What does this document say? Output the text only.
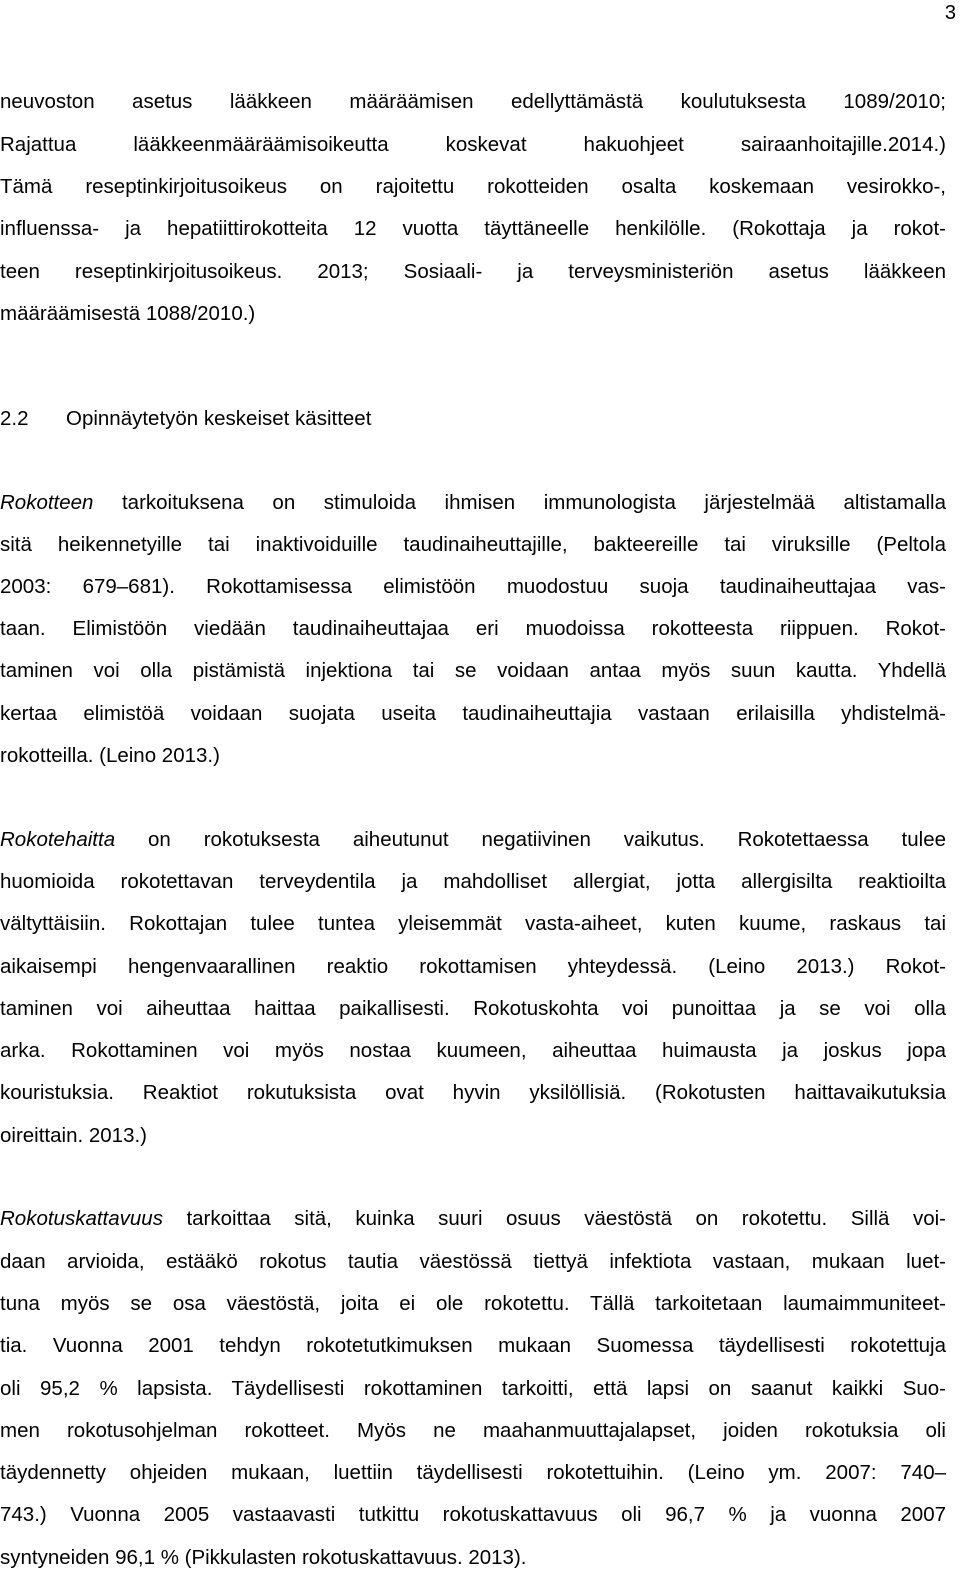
3
neuvoston asetus lääkkeen määräämisen edellyttämästä koulutuksesta 1089/2010;
Rajattua lääkkeenmääräämisoikeutta koskevat hakuohjeet sairaanhoitajille.2014.)
Tämä reseptinkirjoitusoikeus on rajoitettu rokotteiden osalta koskemaan vesirokko-,
influenssa- ja hepatiittirokotteita 12 vuotta täyttäneelle henkilölle. (Rokottaja ja rokot-
teen reseptinkirjoitusoikeus. 2013; Sosiaali- ja terveysministeriön asetus lääkkeen
määräämisestä 1088/2010.)
2.2 Opinnäytetyön keskeiset käsitteet
Rokotteen tarkoituksena on stimuloida ihmisen immunologista järjestelmää altistamalla
sitä heikennetyille tai inaktivoiduille taudinaiheuttajille, bakteereille tai viruksille (Peltola
2003: 679–681). Rokottamisessa elimistöön muodostuu suoja taudinaiheuttajaa vas-
taan. Elimistöön viedään taudinaiheuttajaa eri muodoissa rokotteesta riippuen. Rokot-
taminen voi olla pistämistä injektiona tai se voidaan antaa myös suun kautta. Yhdellä
kertaa elimistöä voidaan suojata useita taudinaiheuttajia vastaan erilaisilla yhdistelmä-
rokotteilla. (Leino 2013.)
Rokotehaitta on rokotuksesta aiheutunut negatiivinen vaikutus. Rokotettaessa tulee
huomioida rokotettavan terveydentila ja mahdolliset allergiat, jotta allergisilta reaktioilta
vältyttäisiin. Rokottajan tulee tuntea yleisemmät vasta-aiheet, kuten kuume, raskaus tai
aikaisempi hengenvaarallinen reaktio rokottamisen yhteydessä. (Leino 2013.) Rokot-
taminen voi aiheuttaa haittaa paikallisesti. Rokotuskohta voi punoittaa ja se voi olla
arka. Rokottaminen voi myös nostaa kuumeen, aiheuttaa huimausta ja joskus jopa
kouristuksia. Reaktiot rokutuksista ovat hyvin yksilöllisiä. (Rokotusten haittavaikutuksia
oireittain. 2013.)
Rokotuskattavuus tarkoittaa sitä, kuinka suuri osuus väestöstä on rokotettu. Sillä voi-
daan arvioida, estääkö rokotus tautia väestössä tiettyä infektiota vastaan, mukaan luet-
tuna myös se osa väestöstä, joita ei ole rokotettu. Tällä tarkoitetaan laumaimmuniteet-
tia. Vuonna 2001 tehdyn rokotetutkimuksen mukaan Suomessa täydellisesti rokotettuja
oli 95,2 % lapsista. Täydellisesti rokottaminen tarkoitti, että lapsi on saanut kaikki Suo-
men rokotusohjelman rokotteet. Myös ne maahanmuuttajalapset, joiden rokotuksia oli
täydennetty ohjeiden mukaan, luettiin täydellisesti rokotettuihin. (Leino ym. 2007: 740–
743.) Vuonna 2005 vastaavasti tutkittu rokotuskattavuus oli 96,7 % ja vuonna 2007
syntyneiden 96,1 % (Pikkulasten rokotuskattavuus. 2013).
